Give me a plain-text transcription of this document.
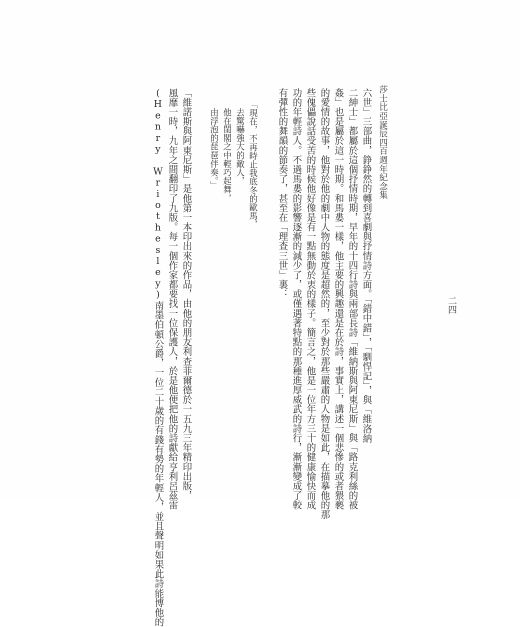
莎士比亞誕辰四百週年紀念集
二四
六世」三部曲，錚錚然的轉到喜劇與抒情詩方面。「錯中錯」，「馴悍記」，與「維洛納
二紳士」都屬於這個抒情時期，早年的十四行詩與兩部長詩「維納斯與阿東尼斯」與「路克利絲的被
姦」也是屬於這一時期。和馬婁一樣，他主要的興趣還是在於詩，事實上，講述一個悲慘的或者猥褻
的愛情的故事，他對於他的劇中人物的態度是超然的，至少對於那些嚴肅的人物是如此，在描摹他的那
些傀儡說話受苦的時候他好像是有一點無動於衷的樣子。簡言之，他是一位年方三十的健康愉快而成
功的年輕詩人。不過馬婁的影響逐漸的減少了，或僅遇著特點的那種進厚威武的詩行，漸漸變成了較
有彈性的舞韻的節奏了，甚至在「理查三世」裏：
「現在，不再時止我底冬的歐馬，
去驚嚇強大的敵人，
他在閨閣之中輕巧起舞，
由浮泡的琵琶伴奏。」
「維諾斯與阿東尼斯」是他第一本印出來的作品，由他的朋友利查菲爾德於一五九三年精印出版，
風靡一時，九年之間翻印了九版。每一個作家都要找一位保護人，於是他便把他的詩獻給亨利呂茲雷
(Henry Wriothesley)南墨伯頓公爵，一位二十歲的有錢有勢的年輕人，並且聲明如果此詩能博他的
